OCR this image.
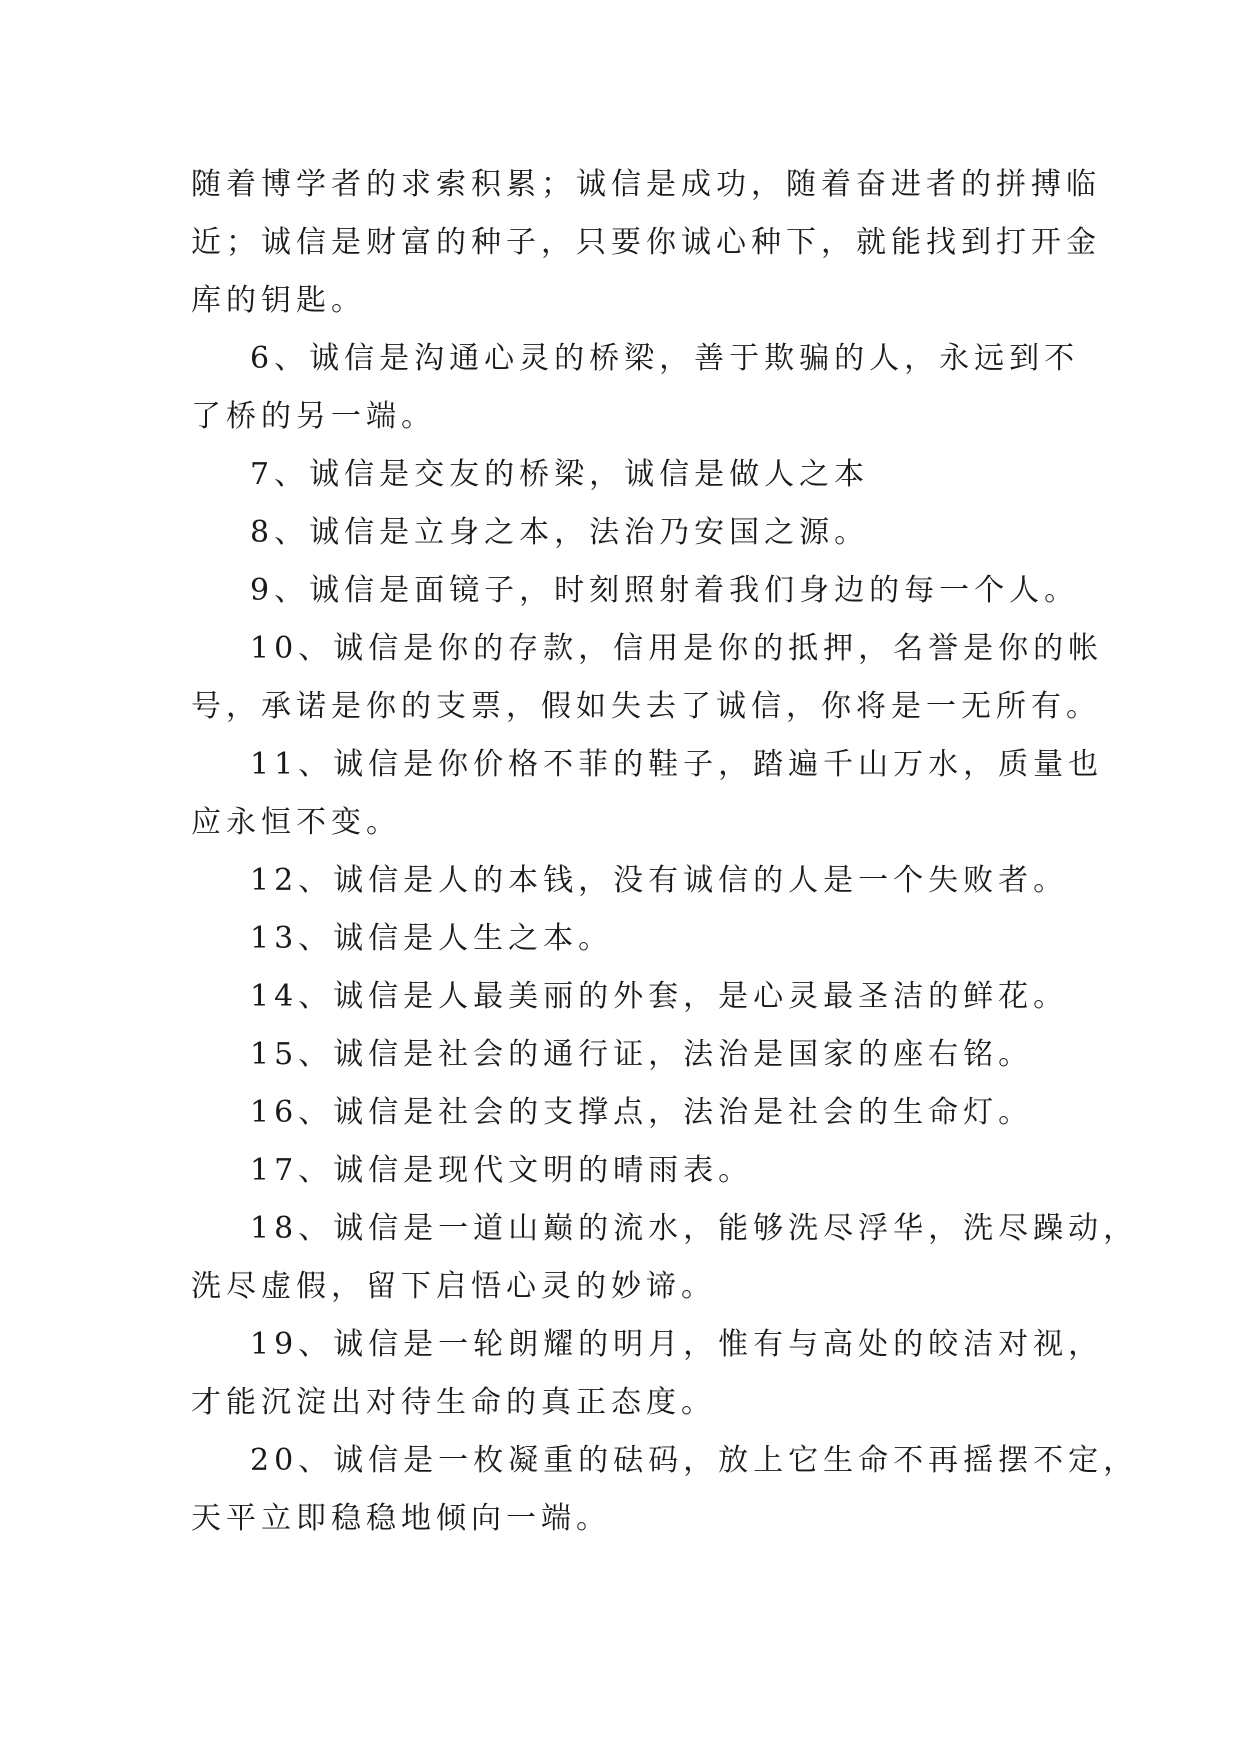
随着博学者的求索积累；诚信是成功，随着奋进者的拼搏临
近；诚信是财富的种子，只要你诚心种下，就能找到打开金
库的钥匙。
6、诚信是沟通心灵的桥梁，善于欺骗的人，永远到不
了桥的另一端。
7、诚信是交友的桥梁，诚信是做人之本
8、诚信是立身之本，法治乃安国之源。
9、诚信是面镜子，时刻照射着我们身边的每一个人。
10、诚信是你的存款，信用是你的抵押，名誉是你的帐
号，承诺是你的支票，假如失去了诚信，你将是一无所有。
11、诚信是你价格不菲的鞋子，踏遍千山万水，质量也
应永恒不变。
12、诚信是人的本钱，没有诚信的人是一个失败者。
13、诚信是人生之本。
14、诚信是人最美丽的外套，是心灵最圣洁的鲜花。
15、诚信是社会的通行证，法治是国家的座右铭。
16、诚信是社会的支撑点，法治是社会的生命灯。
17、诚信是现代文明的晴雨表。
18、诚信是一道山巅的流水，能够洗尽浮华，洗尽躁动，
洗尽虚假，留下启悟心灵的妙谛。
19、诚信是一轮朗耀的明月，惟有与高处的皎洁对视，
才能沉淀出对待生命的真正态度。
20、诚信是一枚凝重的砝码，放上它生命不再摇摆不定，
天平立即稳稳地倾向一端。
